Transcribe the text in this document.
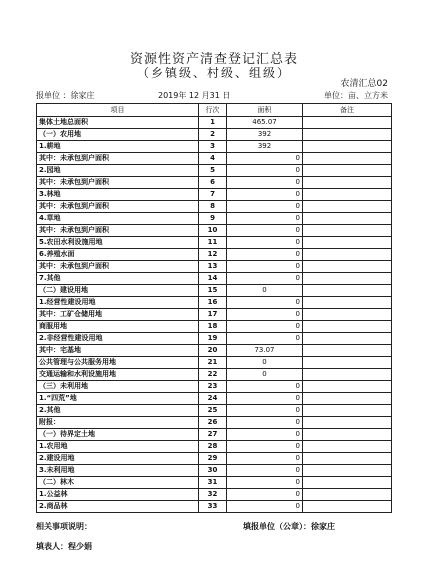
资源性资产清查登记汇总表
（乡镇级、村级、组级）
农清汇总02
报单位 ：徐家庄	2019年 12 月31 日	单位：亩、立方米
项目	行次	面积	备注
集体土地总面积	1	465.07	
（一）农用地	2	392	
1.耕地	3	392	
其中：未承包到户面积	4	0	
2.园地	5	0	
其中：未承包到户面积	6	0	
3.林地	7	0	
其中：未承包到户面积	8	0	
4.草地	9	0	
其中：未承包到户面积	10	0	
5.农田水利设施用地	11	0	
6.养殖水面	12	0	
其中：未承包到户面积	13	0	
7.其他	14	0	
（二）建设用地	15	0	
1.经营性建设用地	16	0	
其中：工矿仓储用地	17	0	
商服用地	18	0	
2.非经营性建设用地	19	0	
其中：宅基地	20	73.07	
公共管理与公共服务用地	21	0	
交通运输和水利设施用地	22	0	
（三）未利用地	23	0	
1.“四荒”地	24	0	
2.其他	25	0	
附报：	26	0	
（一）待界定土地	27	0	
1.农用地	28	0	
2.建设用地	29	0	
3.未利用地	30	0	
（二）林木	31	0	
1.公益林	32	0	
2.商品林	33	0	
相关事项说明：	填报单位（公章）：徐家庄
填表人：程少娟
